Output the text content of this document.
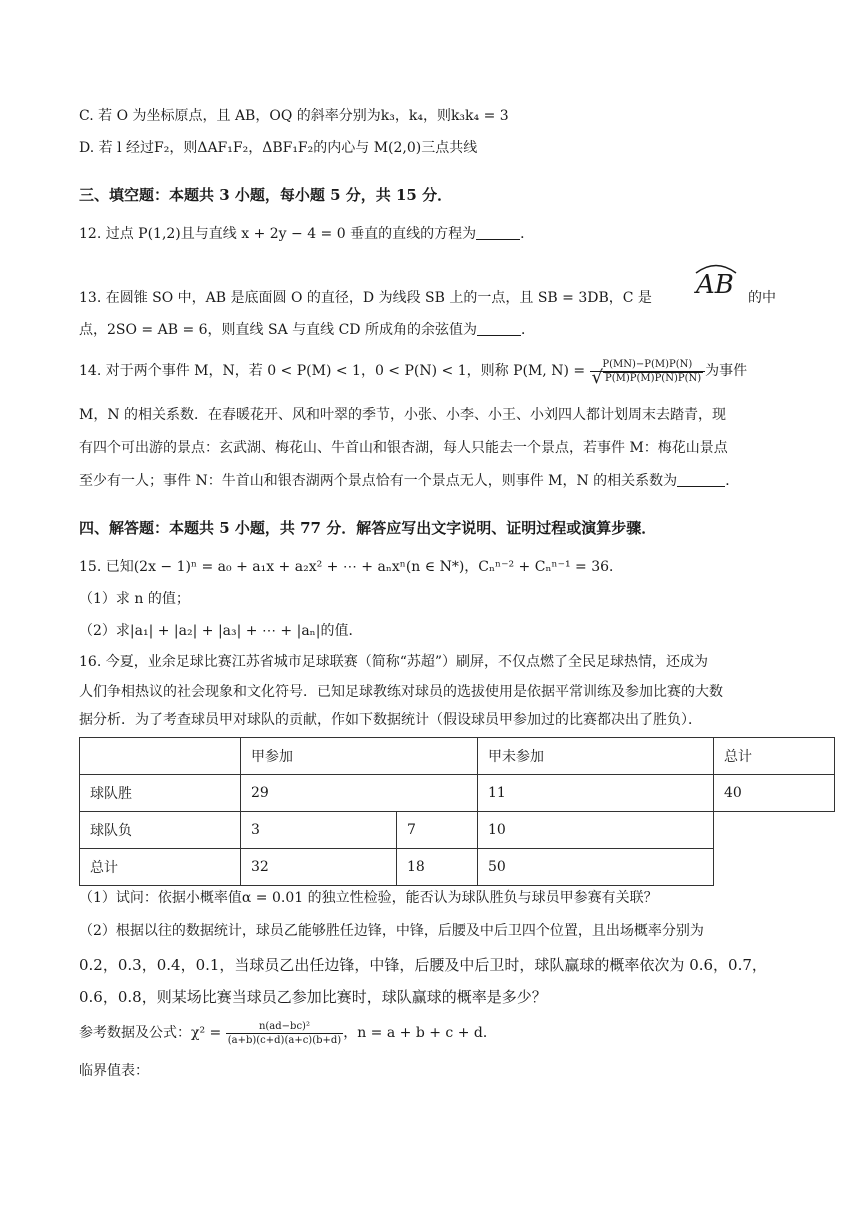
C. 若 O 为坐标原点，且 AB，OQ 的斜率分别为k₃，k₄，则k₃k₄ = 3
D. 若 l 经过F₂，则ΔAF₁F₂，ΔBF₁F₂的内心与 M(2,0)三点共线
三、填空题：本题共 3 小题，每小题 5 分，共 15 分．
12. 过点 P(1,2)且与直线 x + 2y − 4 = 0 垂直的直线的方程为	．
13. 在圆锥 SO 中，AB 是底面圆 O 的直径，D 为线段 SB 上的一点，且 SB = 3DB，C 是 AB 的中
点，2SO = AB = 6，则直线 SA 与直线 CD 所成角的余弦值为	．
14. 对于两个事件 M，N，若 0 < P(M) < 1，0 < P(N) < 1，则称 P(M, $N) = \frac{P(MN)-P(M)P(N)}{√ P(M)P(M)P(N)P(N)}$ 为事件
M，N 的相关系数．在春暖花开、风和叶翠的季节，小张、小李、小王、小刘四人都计划周末去踏青，现
有四个可出游的景点：玄武湖、梅花山、牛首山和银杏湖，每人只能去一个景点，若事件 M：梅花山景点
至少有一人；事件 N：牛首山和银杏湖两个景点恰有一个景点无人，则事件 M，N 的相关系数为	．
四、解答题：本题共 5 小题，共 77 分．解答应写出文字说明、证明过程或演算步骤．
15. 已知(2x − 1)ⁿ = a₀ + a₁x + a₂x² + ⋯ + aₙxⁿ(n ∈ N*)，Cₙⁿ⁻² + Cₙⁿ⁻¹ = 36．
（1）求 n 的值；
（2）求|a₁| + |a₂| + |a₃| + ⋯ + |aₙ|的值．
16. 今夏，业余足球比赛江苏省城市足球联赛（简称“苏超”）刷屏，不仅点燃了全民足球热情，还成为
人们争相热议的社会现象和文化符号．已知足球教练对球员的选拔使用是依据平常训练及参加比赛的大数
据分析．为了考查球员甲对球队的贡献，作如下数据统计（假设球员甲参加过的比赛都决出了胜负）．
	甲参加		甲未参加	总计
球队胜	29		11	40
球队负	3	7	10	
总计	32	18	50	
（1）试问：依据小概率值α = 0.01 的独立性检验，能否认为球队胜负与球员甲参赛有关联？
（2）根据以往的数据统计，球员乙能够胜任边锋，中锋，后腰及中后卫四个位置，且出场概率分别为
0.2，0.3，0.4，0.1，当球员乙出任边锋，中锋，后腰及中后卫时，球队赢球的概率依次为 0.6，0.7，
0.6，0.8，则某场比赛当球员乙参加比赛时，球队赢球的概率是多少？
参考数据及公式：$\chi^2 = \frac{\text{n(ad−bc)²}}{(a+b)(c+d)(a+c)(b+d)}$ ，n = a + b + c + d．
临界值表：
